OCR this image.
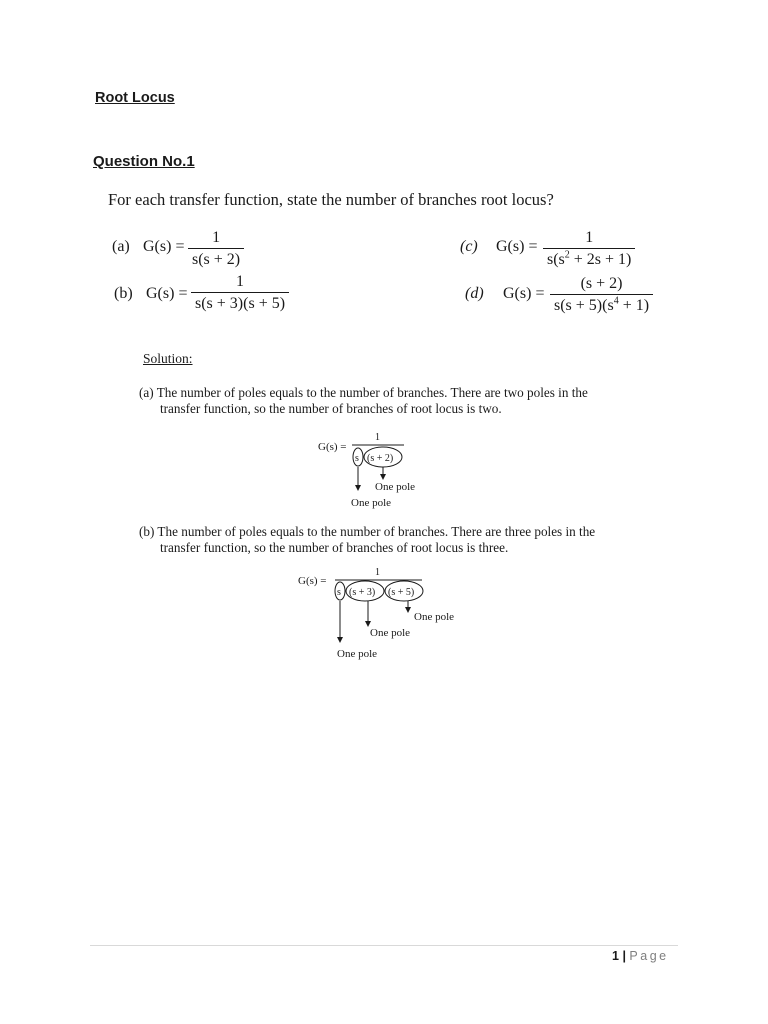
Root Locus
Question No.1
For each transfer function, state the number of branches root locus?
(a) G(s) =
1
s(s + 2)
(b) G(s) =
1
s(s + 3)(s + 5)
(c) G(s) =
1
$s(s^2 + 2s + 1)$
(d) G(s) =
(s + 2)
$s(s + 5)(s^4 + 1)$
Solution:
(a) The number of poles equals to the number of branches. There are two poles in the
transfer function, so the number of branches of root locus is two.
G(s) =
1
s (s + 2)
One pole
One pole
(b) The number of poles equals to the number of branches. There are three poles in the
transfer function, so the number of branches of root locus is three.
G(s) =
1
s (s + 3) (s + 5)
One pole
One pole
One pole
1 | Page
